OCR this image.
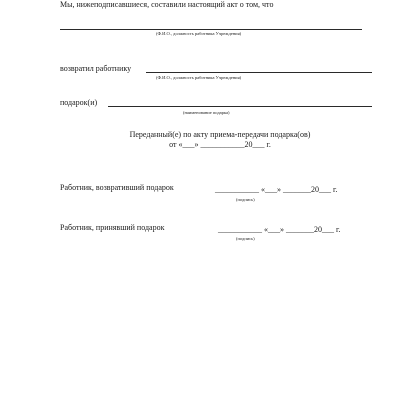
Мы, нижеподписавшиеся, составили настоящий акт о том, что
(Ф.И.О., должность работника Учреждения)
возвратил работнику
(Ф.И.О., должность работника Учреждения)
подарок(и)
(наименование подарка)
Переданный(е) по акту приема-передачи подарка(ов)
от «___» ___________20___ г.
Работник, возвративший подарок	___________ «___» _______20___ г.
(подпись)
Работник, принявший подарок	___________ «___» _______20___ г.
(подпись)
